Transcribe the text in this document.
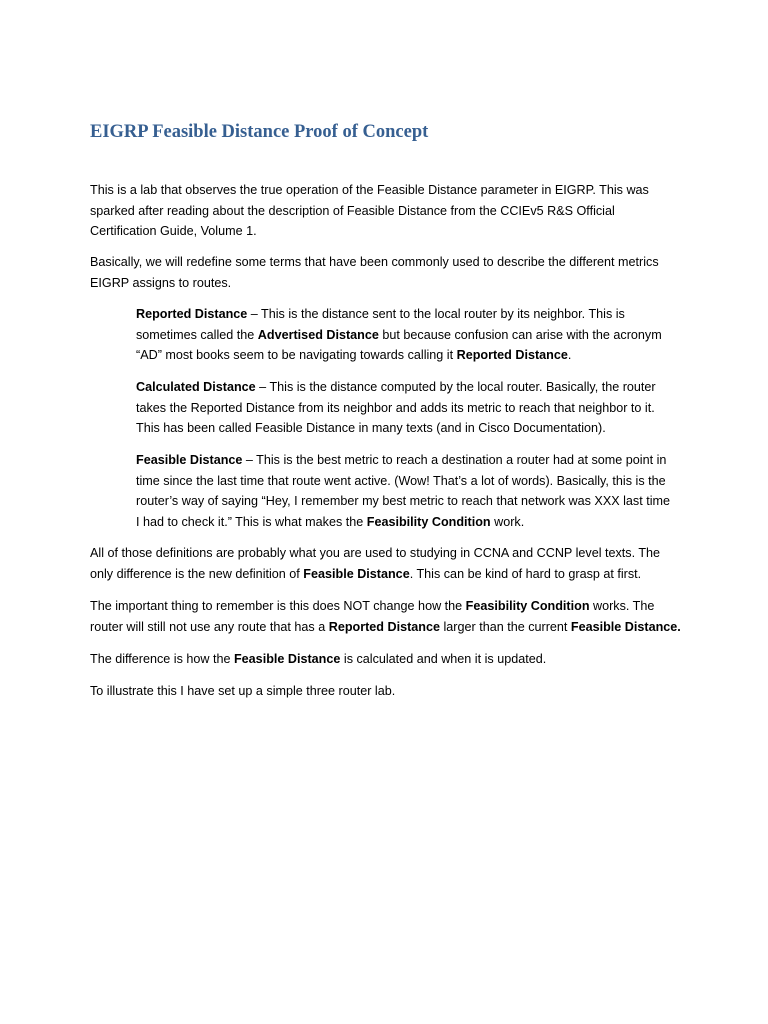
EIGRP Feasible Distance Proof of Concept

This is a lab that observes the true operation of the Feasible Distance parameter in EIGRP. This was
sparked after reading about the description of Feasible Distance from the CCIEv5 R&S Official
Certification Guide, Volume 1.

Basically, we will redefine some terms that have been commonly used to describe the different metrics
EIGRP assigns to routes.

Reported Distance – This is the distance sent to the local router by its neighbor. This is
sometimes called the Advertised Distance but because confusion can arise with the acronym
“AD” most books seem to be navigating towards calling it Reported Distance.

Calculated Distance – This is the distance computed by the local router. Basically, the router
takes the Reported Distance from its neighbor and adds its metric to reach that neighbor to it.
This has been called Feasible Distance in many texts (and in Cisco Documentation).

Feasible Distance – This is the best metric to reach a destination a router had at some point in
time since the last time that route went active. (Wow! That’s a lot of words). Basically, this is the
router’s way of saying “Hey, I remember my best metric to reach that network was XXX last time
I had to check it.” This is what makes the Feasibility Condition work.

All of those definitions are probably what you are used to studying in CCNA and CCNP level texts. The
only difference is the new definition of Feasible Distance. This can be kind of hard to grasp at first.

The important thing to remember is this does NOT change how the Feasibility Condition works. The
router will still not use any route that has a Reported Distance larger than the current Feasible Distance.

The difference is how the Feasible Distance is calculated and when it is updated.

To illustrate this I have set up a simple three router lab.
